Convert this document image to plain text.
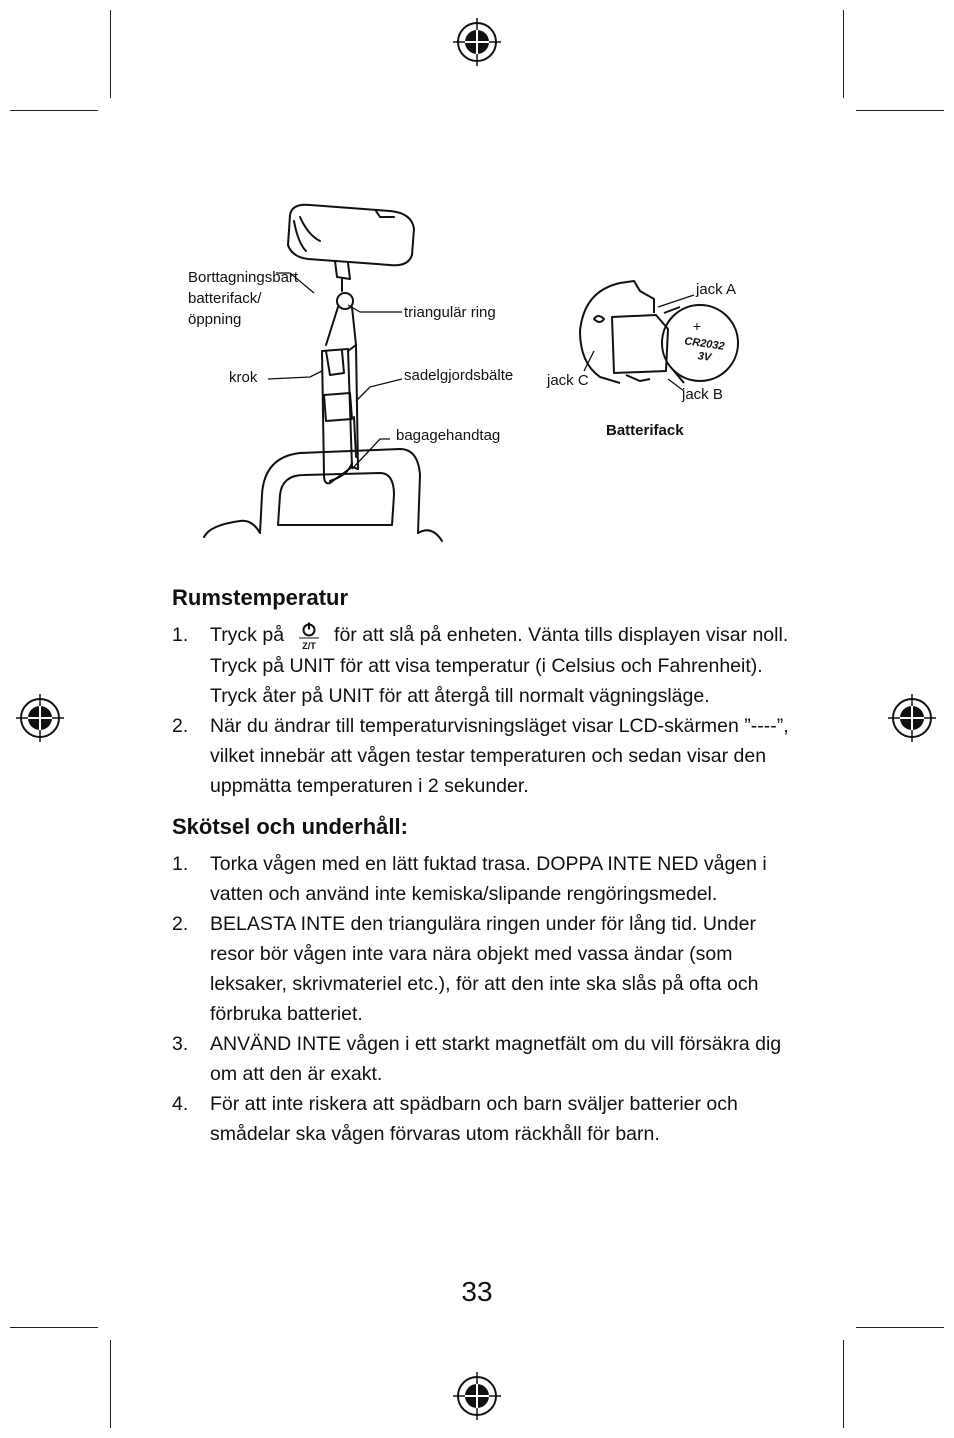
+
CR2032
3V
Borttagningsbart
batterifack/
öppning	triangulär ring
krok	sadelgjordsbälte
bagagehandtag
jack A
jack C
jack B
Batterifack
Rumstemperatur
1. Tryck på Z/T för att slå på enheten. Vänta tills displayen visar noll. Tryck på UNIT för att visa temperatur (i Celsius och Fahrenheit). Tryck åter på UNIT för att återgå till normalt vägningsläge.
2. När du ändrar till temperaturvisningsläget visar LCD-skärmen ”----”, vilket innebär att vågen testar temperaturen och sedan visar den uppmätta temperaturen i 2 sekunder.
Skötsel och underhåll:
1. Torka vågen med en lätt fuktad trasa. DOPPA INTE NED vågen i vatten och använd inte kemiska/slipande rengöringsmedel.
2. BELASTA INTE den triangulära ringen under för lång tid. Under resor bör vågen inte vara nära objekt med vassa ändar (som leksaker, skrivmateriel etc.), för att den inte ska slås på ofta och förbruka batteriet.
3. ANVÄND INTE vågen i ett starkt magnetfält om du vill försäkra dig om att den är exakt.
4. För att inte riskera att spädbarn och barn sväljer batterier och smådelar ska vågen förvaras utom räckhåll för barn.
33
